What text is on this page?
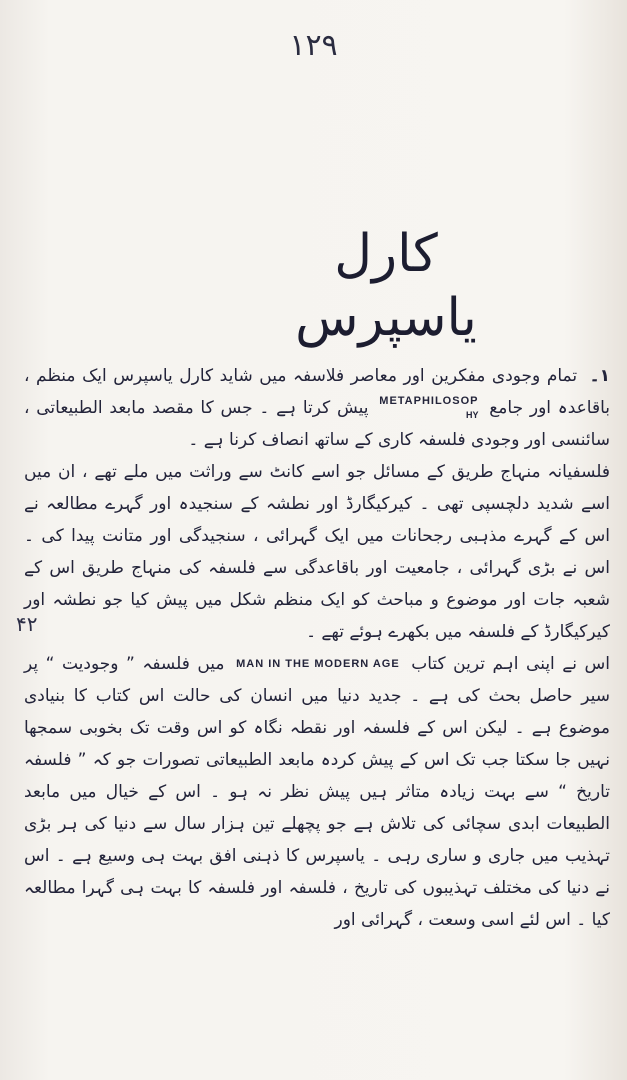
۱۲۹
کارل یاسپرس
۴۲

۱۔ تمام وجودی مفکرین اور معاصر فلاسفہ میں شاید کارل یاسپرس ایک منظم ، باقاعدہ اور جامع METAPHILOSOP
HY
پیش کرتا ہے ۔ جس کا مقصد مابعد الطبیعاتی ، سائنسی اور وجودی فلسفہ کاری کے ساتھ انصاف کرنا ہے ۔

فلسفیانہ منہاج طریق کے مسائل جو اسے کانٹ سے وراثت میں ملے تھے ، ان میں اسے شدید دلچسپی تھی ۔ کیرکیگارڈ اور نطشہ کے سنجیدہ اور گہرے مطالعہ نے اس کے گہرے مذہبی رجحانات میں ایک گہرائی ، سنجیدگی اور متانت پیدا کی ۔ اس نے بڑی گہرائی ، جامعیت اور باقاعدگی سے فلسفہ کی منہاج طریق اس کے شعبہ جات اور موضوع و مباحث کو ایک منظم شکل میں پیش کیا جو نطشہ اور کیرکیگارڈ کے فلسفہ میں بکھرے ہوئے تھے ۔

اس نے اپنی اہم ترین کتاب MAN IN THE MODERN AGE میں فلسفہ ” وجودیت “ پر سیر حاصل بحث کی ہے ۔ جدید دنیا میں انسان کی حالت اس کتاب کا بنیادی موضوع ہے ۔ لیکن اس کے فلسفہ اور نقطہ نگاہ کو اس وقت تک بخوبی سمجھا نہیں جا سکتا جب تک اس کے پیش کردہ مابعد الطبیعاتی تصورات جو کہ ” فلسفہ تاریخ “ سے بہت زیادہ متاثر ہیں پیش نظر نہ ہو ۔ اس کے خیال میں مابعد الطبیعات ابدی سچائی کی تلاش ہے جو پچھلے تین ہزار سال سے دنیا کی ہر بڑی تہذیب میں جاری و ساری رہی ۔ یاسپرس کا ذہنی افق بہت ہی وسیع ہے ۔ اس نے دنیا کی مختلف تہذیبوں کی تاریخ ، فلسفہ اور فلسفہ کا بہت ہی گہرا مطالعہ کیا ۔ اس لئے اسی وسعت ، گہرائی اور
